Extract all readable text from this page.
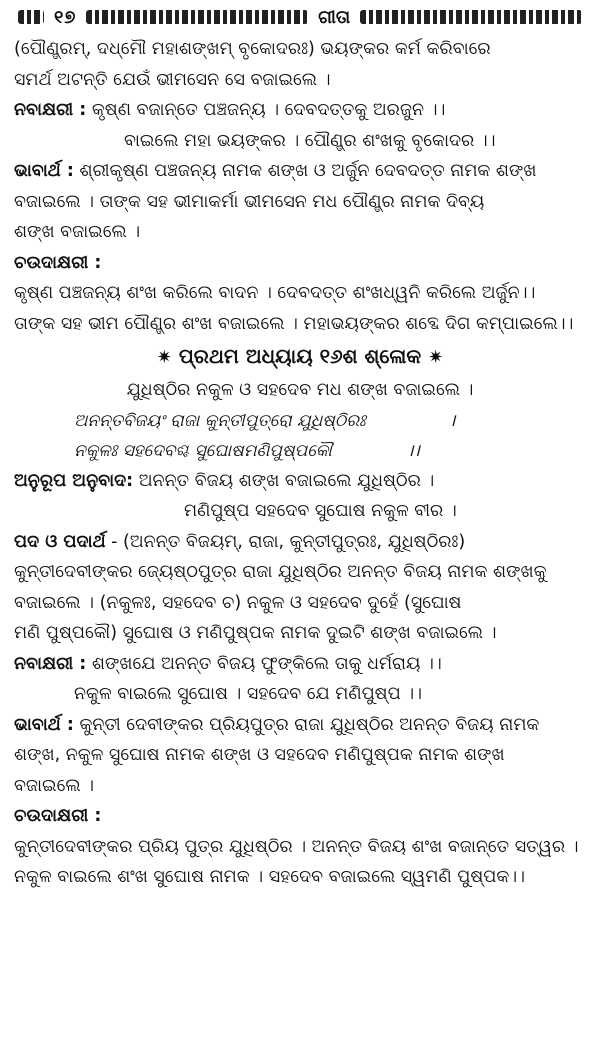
୧୭	ଗୀତା
(ପୌଣ୍ଡ୍ରମ୍, ଦଧ୍ମୌ ମହାଶଙ୍ଖମ୍ ବୃକୋଦରଃ) ଭୟଙ୍କର କର୍ମ କରିବାରେ
ସମର୍ଥ ଅଟନ୍ତି ଯେଉଁ ଭୀମସେନ ସେ ବଜାଇଲେ ।
ନବାକ୍ଷରୀ : କୃଷ୍ଣ ବଜାନ୍ତେ ପଞ୍ଚଜନ୍ୟ । ଦେବଦତ୍ତକୁ ଅରଜୁନ ।।
ବାଇଲେ ମହା ଭୟଙ୍କର । ପୌଣ୍ଡ୍ର ଶଂଖକୁ ବୃକୋଦର ।।
ଭାବାର୍ଥ : ଶ୍ରୀକୃଷ୍ଣ ପଞ୍ଚଜନ୍ୟ ନାମକ ଶଙ୍ଖ ଓ ଅର୍ଜୁନ ଦେବଦତ୍ତ ନାମକ ଶଙ୍ଖ
ବଜାଇଲେ । ତାଙ୍କ ସହ ଭୀମାକର୍ମା ଭୀମସେନ ମଧ ପୌଣ୍ଡ୍ର ନାମକ ଦିବ୍ୟ
ଶଙ୍ଖ ବଜାଇଲେ ।
ଚଉଦାକ୍ଷରୀ :
କୃଷ୍ଣ ପଞ୍ଚଜନ୍ୟ ଶଂଖ କରିଲେ ବାଦନ । ଦେବଦତ୍ତ ଶଂଖଧ୍ୱନି କରିଲେ ଅର୍ଜୁନ।।
ତାଙ୍କ ସହ ଭୀମ ପୌଣ୍ଡ୍ର ଶଂଖ ବଜାଇଲେ । ମହାଭୟଙ୍କର ଶବ୍ଦେ ଦିଗ କମ୍ପାଇଲେ।।
✷ ପ୍ରଥମ ଅଧ୍ୟାୟ ୧୬ଶ ଶ୍ଳୋକ ✷
ଯୁଧିଷ୍ଠିର ନକୁଳ ଓ ସହଦେବ ମଧ ଶଙ୍ଖ ବଜାଇଲେ ।
ଅନନ୍ତବିଜୟଂ ରାଜା କୁନ୍ତୀପୁତ୍ରୋ ଯୁଧିଷ୍ଠିରଃ	।
ନକୁଳଃ ସହଦେବଶ୍ଚ ସୁଘୋଷମଣିପୁଷ୍ପକୌ	।।
ଅନୁରୂପ ଅନୁବାଦ: ଅନନ୍ତ ବିଜୟ ଶଙ୍ଖ ବଜାଇଲେ ଯୁଧିଷ୍ଠିର ।
ମଣିପୁଷ୍ପ ସହଦେବ ସୁଘୋଷ ନକୁଳ ବୀର ।
ପଦ ଓ ପଦାର୍ଥ - (ଅନନ୍ତ ବିଜୟମ୍, ରାଜା, କୁନ୍ତୀପୁତ୍ରଃ, ଯୁଧିଷ୍ଠିରଃ)
କୁନ୍ତୀଦେବୀଙ୍କର ଜ୍ୟେଷ୍ଠପୁତ୍ର ରାଜା ଯୁଧିଷ୍ଠିର ଅନନ୍ତ ବିଜୟ ନାମକ ଶଙ୍ଖକୁ
ବଜାଇଲେ । (ନକୁଳଃ, ସହଦେବ ଚ) ନକୁଳ ଓ ସହଦେବ ଦୁହେଁ (ସୁଘୋଷ
ମଣି ପୁଷ୍ପକୌ) ସୁଘୋଷ ଓ ମଣିପୁଷ୍ପକ ନାମକ ଦୁଇଟି ଶଙ୍ଖ ବଜାଇଲେ ।
ନବାକ୍ଷରୀ : ଶଙ୍ଖଯେ ଅନନ୍ତ ବିଜୟ ଫୁଙ୍କିଲେ ତାକୁ ଧର୍ମରାୟ ।।
ନକୁଳ ବାଇଲେ ସୁଘୋଷ । ସହଦେବ ଯେ ମଣିପୁଷ୍ପ ।।
ଭାବାର୍ଥ : କୁନ୍ତୀ ଦେବୀଙ୍କର ପ୍ରିୟପୁତ୍ର ରାଜା ଯୁଧିଷ୍ଠିର ଅନନ୍ତ ବିଜୟ ନାମକ
ଶଙ୍ଖ, ନକୁଳ ସୁଘୋଷ ନାମକ ଶଙ୍ଖ ଓ ସହଦେବ ମଣିପୁଷ୍ପକ ନାମକ ଶଙ୍ଖ
ବଜାଇଲେ ।
ଚଉଦାକ୍ଷରୀ :
କୁନ୍ତୀଦେବୀଙ୍କର ପ୍ରିୟ ପୁତ୍ର ଯୁଧିଷ୍ଠିର । ଅନନ୍ତ ବିଜୟ ଶଂଖ ବଜାନ୍ତେ ସତ୍ୱର ।
ନକୁଳ ବାଇଲେ ଶଂଖ ସୁଘୋଷ ନାମକ । ସହଦେବ ବଜାଇଲେ ସ୍ୱମଣି ପୁଷ୍ପକ।।
